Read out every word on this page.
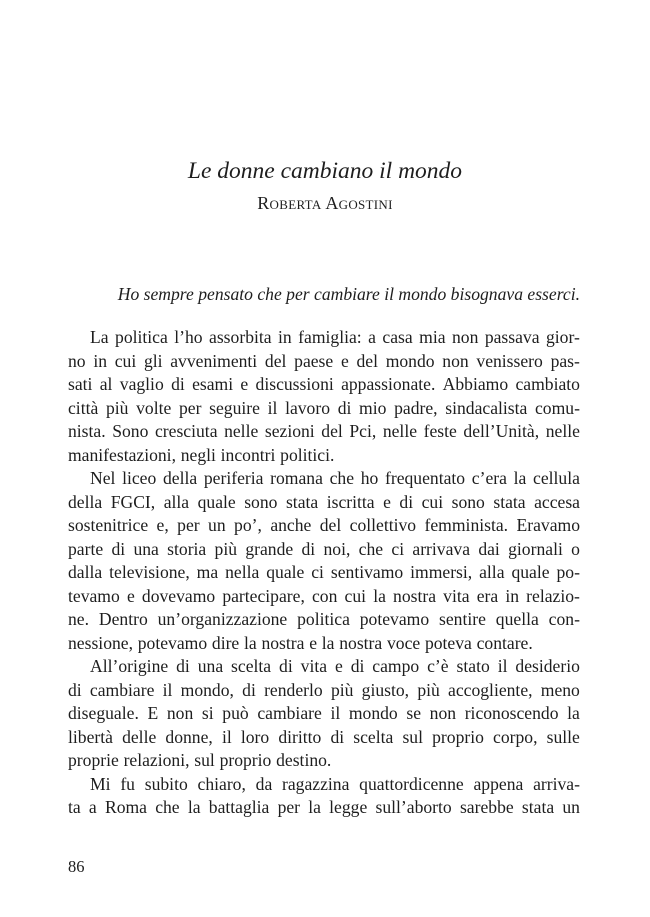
Le donne cambiano il mondo
Roberta Agostini
Ho sempre pensato che per cambiare il mondo bisognava esserci.
La politica l’ho assorbita in famiglia: a casa mia non passava gior-
no in cui gli avvenimenti del paese e del mondo non venissero pas-
sati al vaglio di esami e discussioni appassionate. Abbiamo cambiato
città più volte per seguire il lavoro di mio padre, sindacalista comu-
nista. Sono cresciuta nelle sezioni del Pci, nelle feste dell’Unità, nelle
manifestazioni, negli incontri politici.
Nel liceo della periferia romana che ho frequentato c’era la cellula
della FGCI, alla quale sono stata iscritta e di cui sono stata accesa
sostenitrice e, per un po’, anche del collettivo femminista. Eravamo
parte di una storia più grande di noi, che ci arrivava dai giornali o
dalla televisione, ma nella quale ci sentivamo immersi, alla quale po-
tevamo e dovevamo partecipare, con cui la nostra vita era in relazio-
ne. Dentro un’organizzazione politica potevamo sentire quella con-
nessione, potevamo dire la nostra e la nostra voce poteva contare.
All’origine di una scelta di vita e di campo c’è stato il desiderio
di cambiare il mondo, di renderlo più giusto, più accogliente, meno
diseguale. E non si può cambiare il mondo se non riconoscendo la
libertà delle donne, il loro diritto di scelta sul proprio corpo, sulle
proprie relazioni, sul proprio destino.
Mi fu subito chiaro, da ragazzina quattordicenne appena arriva-
ta a Roma che la battaglia per la legge sull’aborto sarebbe stata un
86
